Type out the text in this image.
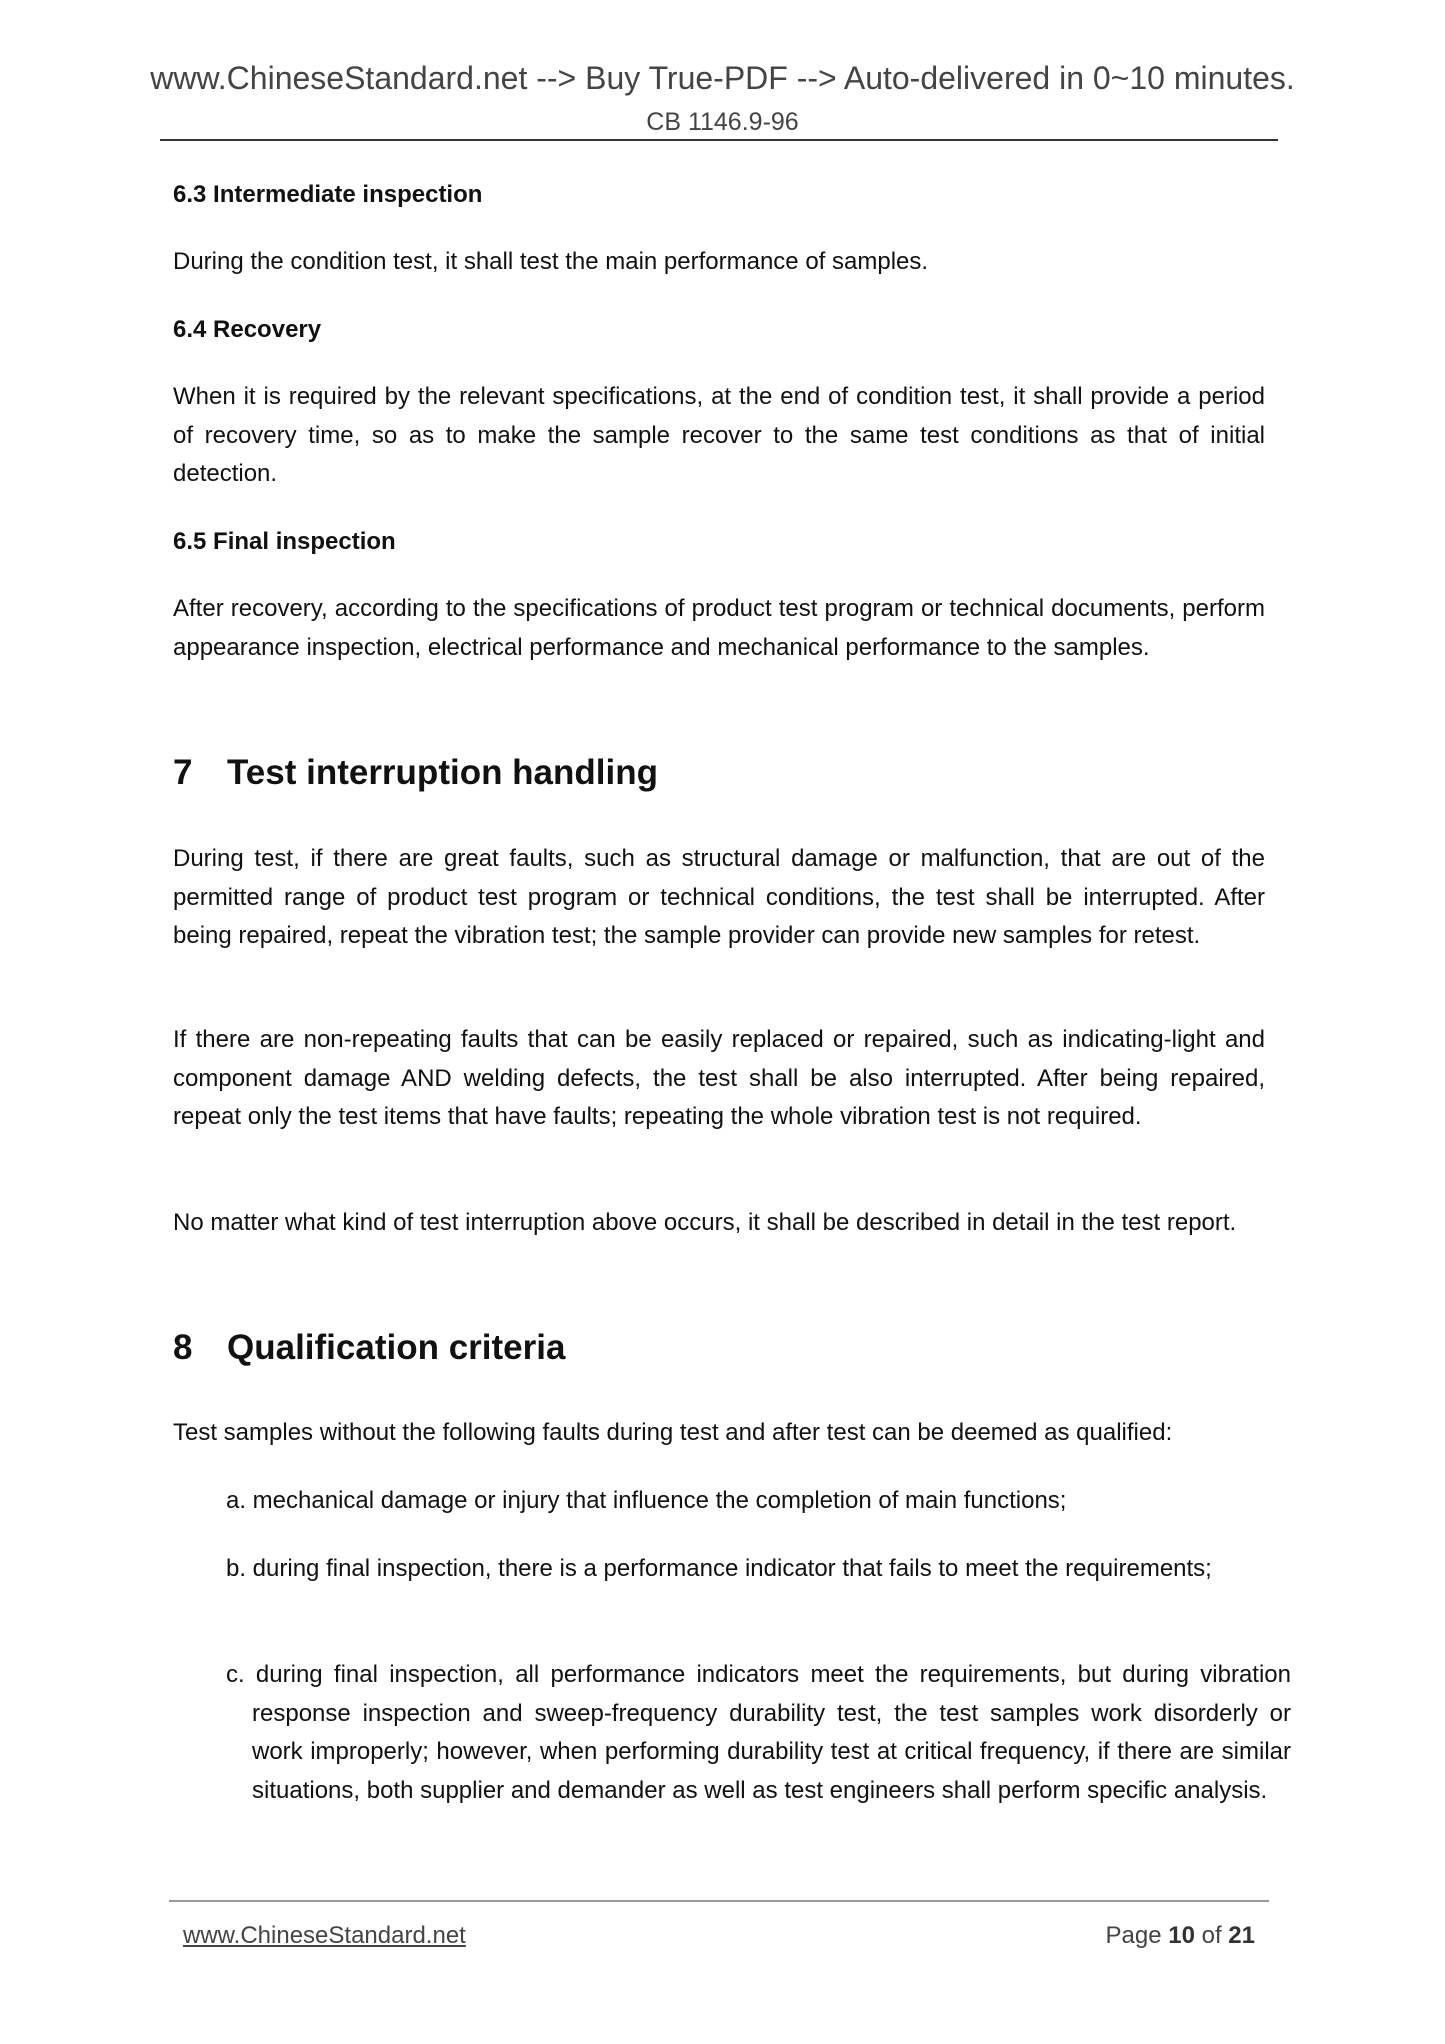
www.ChineseStandard.net --> Buy True-PDF --> Auto-delivered in 0~10 minutes.
CB 1146.9-96
6.3 Intermediate inspection
During the condition test, it shall test the main performance of samples.
6.4 Recovery
When it is required by the relevant specifications, at the end of condition test, it shall provide a period of recovery time, so as to make the sample recover to the same test conditions as that of initial detection.
6.5 Final inspection
After recovery, according to the specifications of product test program or technical documents, perform appearance inspection, electrical performance and mechanical performance to the samples.
7 Test interruption handling
During test, if there are great faults, such as structural damage or malfunction, that are out of the permitted range of product test program or technical conditions, the test shall be interrupted. After being repaired, repeat the vibration test; the sample provider can provide new samples for retest.
If there are non-repeating faults that can be easily replaced or repaired, such as indicating-light and component damage AND welding defects, the test shall be also interrupted. After being repaired, repeat only the test items that have faults; repeating the whole vibration test is not required.
No matter what kind of test interruption above occurs, it shall be described in detail in the test report.
8 Qualification criteria
Test samples without the following faults during test and after test can be deemed as qualified:
a. mechanical damage or injury that influence the completion of main functions;
b. during final inspection, there is a performance indicator that fails to meet the requirements;
c. during final inspection, all performance indicators meet the requirements, but during vibration response inspection and sweep-frequency durability test, the test samples work disorderly or work improperly; however, when performing durability test at critical frequency, if there are similar situations, both supplier and demander as well as test engineers shall perform specific analysis.
www.ChineseStandard.net	Page 10 of 21
